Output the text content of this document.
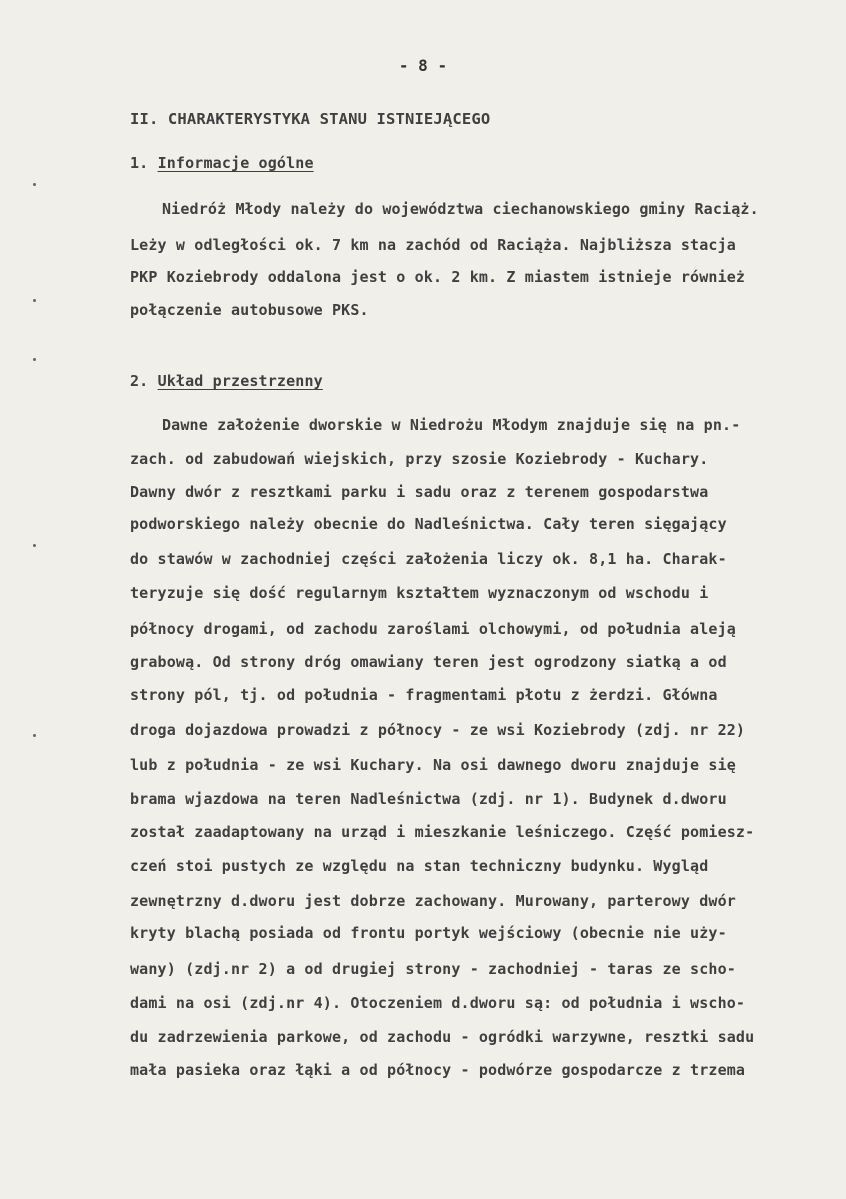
- 8 -
II. CHARAKTERYSTYKA STANU ISTNIEJĄCEGO
1. Informacje ogólne
Niedróż Młody należy do województwa ciechanowskiego gminy Raciąż.
Leży w odległości ok. 7 km na zachód od Raciąża. Najbliższa stacja
PKP Koziebrody oddalona jest o ok. 2 km. Z miastem istnieje również
połączenie autobusowe PKS.
2. Układ przestrzenny
Dawne założenie dworskie w Niedrożu Młodym znajduje się na pn.-
zach. od zabudowań wiejskich, przy szosie Koziebrody - Kuchary.
Dawny dwór z resztkami parku i sadu oraz z terenem gospodarstwa
podworskiego należy obecnie do Nadleśnictwa. Cały teren sięgający
do stawów w zachodniej części założenia liczy ok. 8,1 ha. Charak-
teryzuje się dość regularnym kształtem wyznaczonym od wschodu i
północy drogami, od zachodu zaroślami olchowymi, od południa aleją
grabową. Od strony dróg omawiany teren jest ogrodzony siatką a od
strony pól, tj. od południa - fragmentami płotu z żerdzi. Główna
droga dojazdowa prowadzi z północy - ze wsi Koziebrody (zdj. nr 22)
lub z południa - ze wsi Kuchary. Na osi dawnego dworu znajduje się
brama wjazdowa na teren Nadleśnictwa (zdj. nr 1). Budynek d.dworu
został zaadaptowany na urząd i mieszkanie leśniczego. Część pomiesz-
czeń stoi pustych ze względu na stan techniczny budynku. Wygląd
zewnętrzny d.dworu jest dobrze zachowany. Murowany, parterowy dwór
kryty blachą posiada od frontu portyk wejściowy (obecnie nie uży-
wany) (zdj.nr 2) a od drugiej strony - zachodniej - taras ze scho-
dami na osi (zdj.nr 4). Otoczeniem d.dworu są: od południa i wscho-
du zadrzewienia parkowe, od zachodu - ogródki warzywne, resztki sadu
mała pasieka oraz łąki a od północy - podwórze gospodarcze z trzema
